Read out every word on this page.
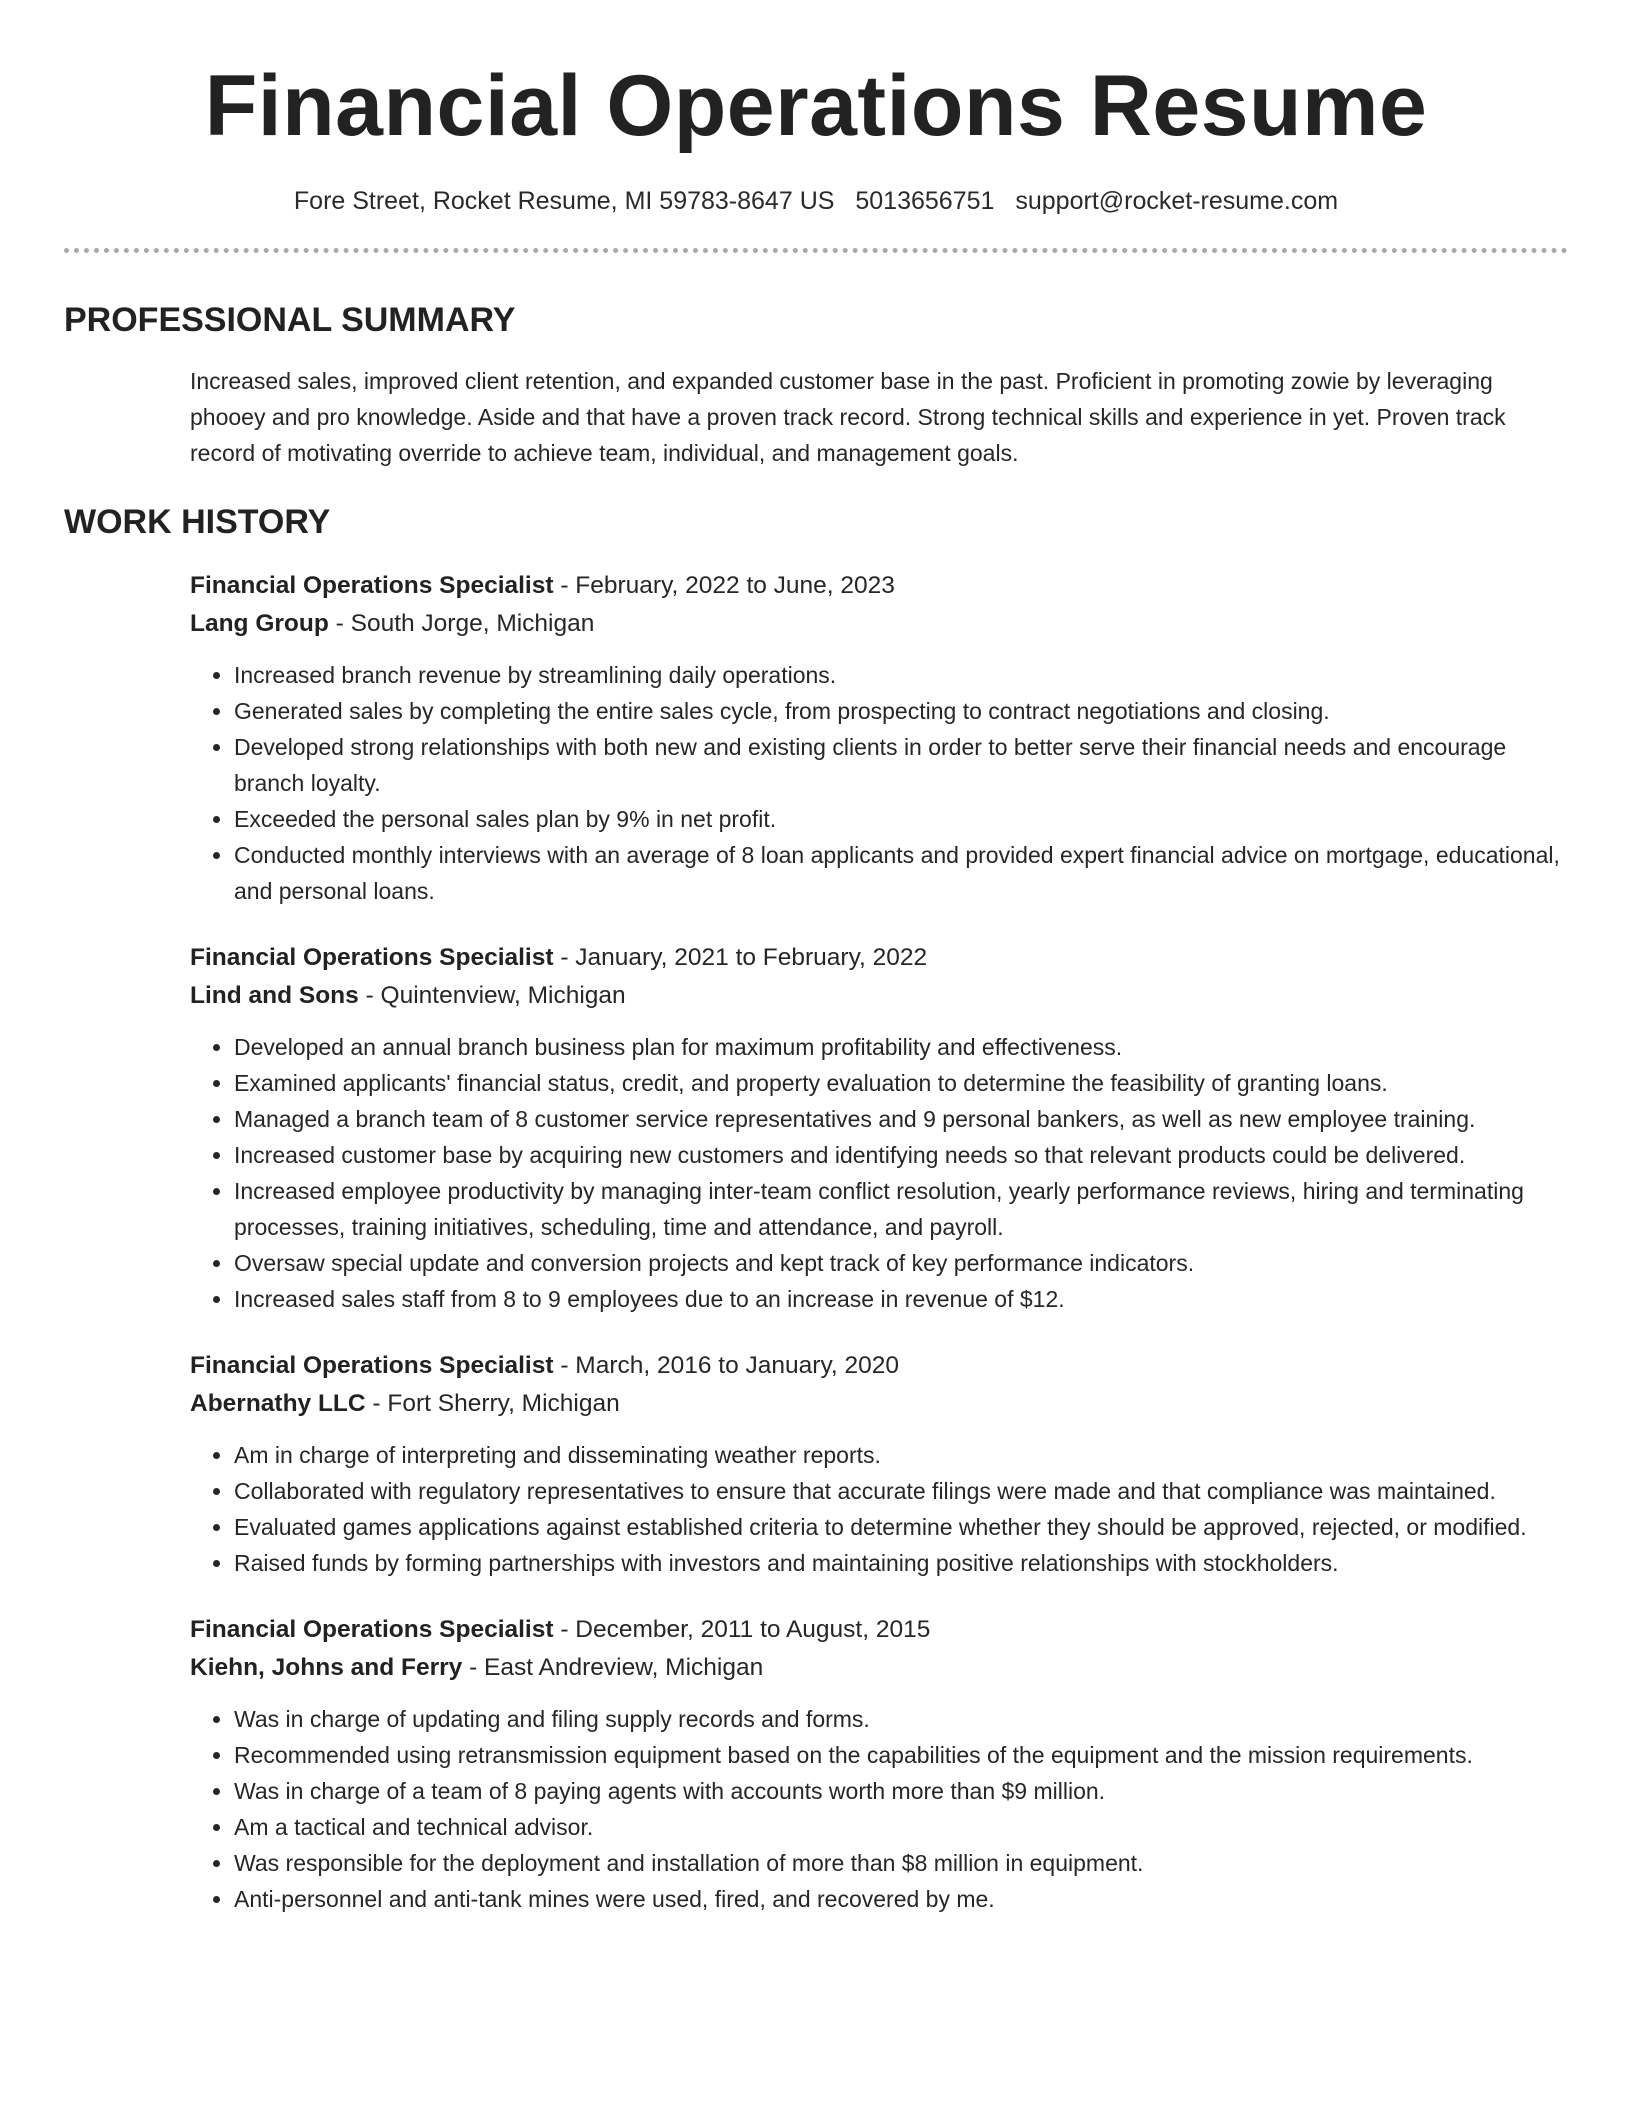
Financial Operations Resume
Fore Street, Rocket Resume, MI 59783-8647 US 5013656751 support@rocket-resume.com
PROFESSIONAL SUMMARY
Increased sales, improved client retention, and expanded customer base in the past. Proficient in promoting zowie by leveraging phooey and pro knowledge. Aside and that have a proven track record. Strong technical skills and experience in yet. Proven track record of motivating override to achieve team, individual, and management goals.
WORK HISTORY
Financial Operations Specialist - February, 2022 to June, 2023
Lang Group - South Jorge, Michigan
• Increased branch revenue by streamlining daily operations.
• Generated sales by completing the entire sales cycle, from prospecting to contract negotiations and closing.
• Developed strong relationships with both new and existing clients in order to better serve their financial needs and encourage branch loyalty.
• Exceeded the personal sales plan by 9% in net profit.
• Conducted monthly interviews with an average of 8 loan applicants and provided expert financial advice on mortgage, educational, and personal loans.
Financial Operations Specialist - January, 2021 to February, 2022
Lind and Sons - Quintenview, Michigan
• Developed an annual branch business plan for maximum profitability and effectiveness.
• Examined applicants' financial status, credit, and property evaluation to determine the feasibility of granting loans.
• Managed a branch team of 8 customer service representatives and 9 personal bankers, as well as new employee training.
• Increased customer base by acquiring new customers and identifying needs so that relevant products could be delivered.
• Increased employee productivity by managing inter-team conflict resolution, yearly performance reviews, hiring and terminating processes, training initiatives, scheduling, time and attendance, and payroll.
• Oversaw special update and conversion projects and kept track of key performance indicators.
• Increased sales staff from 8 to 9 employees due to an increase in revenue of $12.
Financial Operations Specialist - March, 2016 to January, 2020
Abernathy LLC - Fort Sherry, Michigan
• Am in charge of interpreting and disseminating weather reports.
• Collaborated with regulatory representatives to ensure that accurate filings were made and that compliance was maintained.
• Evaluated games applications against established criteria to determine whether they should be approved, rejected, or modified.
• Raised funds by forming partnerships with investors and maintaining positive relationships with stockholders.
Financial Operations Specialist - December, 2011 to August, 2015
Kiehn, Johns and Ferry - East Andreview, Michigan
• Was in charge of updating and filing supply records and forms.
• Recommended using retransmission equipment based on the capabilities of the equipment and the mission requirements.
• Was in charge of a team of 8 paying agents with accounts worth more than $9 million.
• Am a tactical and technical advisor.
• Was responsible for the deployment and installation of more than $8 million in equipment.
• Anti-personnel and anti-tank mines were used, fired, and recovered by me.
